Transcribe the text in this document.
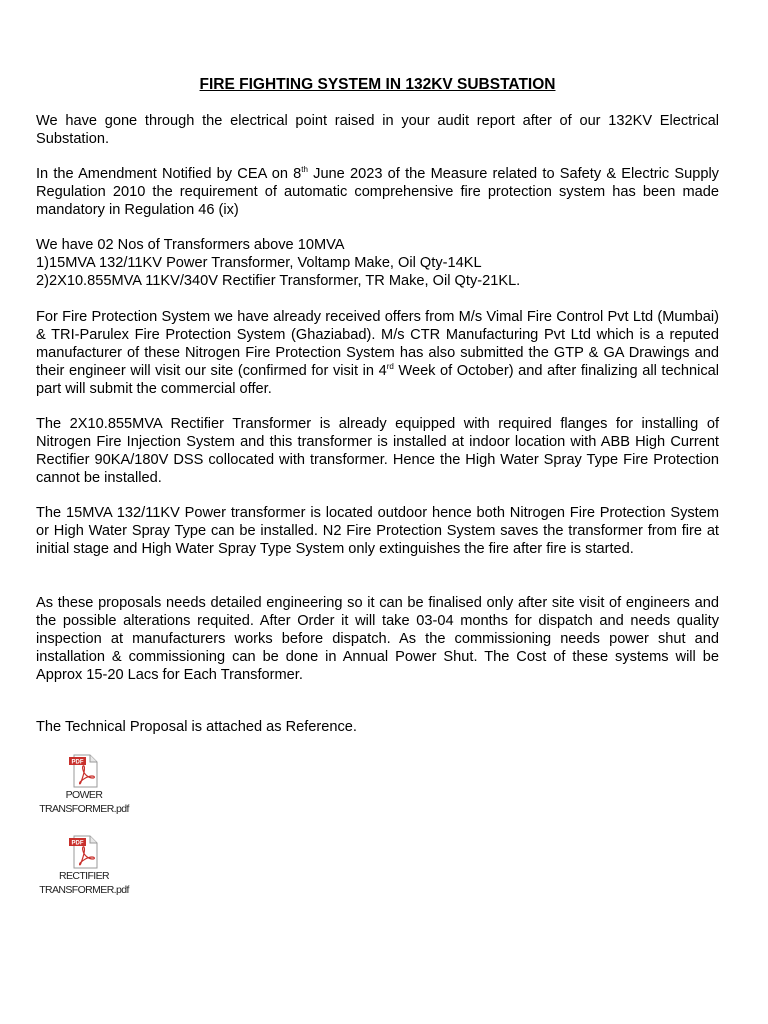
FIRE FIGHTING SYSTEM IN 132KV SUBSTATION

We have gone through the electrical point raised in your audit report after of our 132KV Electrical Substation.

In the Amendment Notified by CEA on 8th June 2023 of the Measure related to Safety & Electric Supply Regulation 2010 the requirement of automatic comprehensive fire protection system has been made mandatory in Regulation 46 (ix)

We have 02 Nos of Transformers above 10MVA
1)15MVA 132/11KV Power Transformer, Voltamp Make, Oil Qty-14KL
2)2X10.855MVA 11KV/340V Rectifier Transformer, TR Make, Oil Qty-21KL.

For Fire Protection System we have already received offers from M/s Vimal Fire Control Pvt Ltd (Mumbai) & TRI-Parulex Fire Protection System (Ghaziabad). M/s CTR Manufacturing Pvt Ltd which is a reputed manufacturer of these Nitrogen Fire Protection System has also submitted the GTP & GA Drawings and their engineer will visit our site (confirmed for visit in 4rd Week of October) and after finalizing all technical part will submit the commercial offer.

The 2X10.855MVA Rectifier Transformer is already equipped with required flanges for installing of Nitrogen Fire Injection System and this transformer is installed at indoor location with ABB High Current Rectifier 90KA/180V DSS collocated with transformer. Hence the High Water Spray Type Fire Protection cannot be installed.

The 15MVA 132/11KV Power transformer is located outdoor hence both Nitrogen Fire Protection System or High Water Spray Type can be installed. N2 Fire Protection System saves the transformer from fire at initial stage and High Water Spray Type System only extinguishes the fire after fire is started.

As these proposals needs detailed engineering so it can be finalised only after site visit of engineers and the possible alterations requited. After Order it will take 03-04 months for dispatch and needs quality inspection at manufacturers works before dispatch. As the commissioning needs power shut and installation & commissioning can be done in Annual Power Shut. The Cost of these systems will be Approx 15-20 Lacs for Each Transformer.

The Technical Proposal is attached as Reference.

PDF
POWER
TRANSFORMER.pdf
PDF
RECTIFIER
TRANSFORMER.pdf
